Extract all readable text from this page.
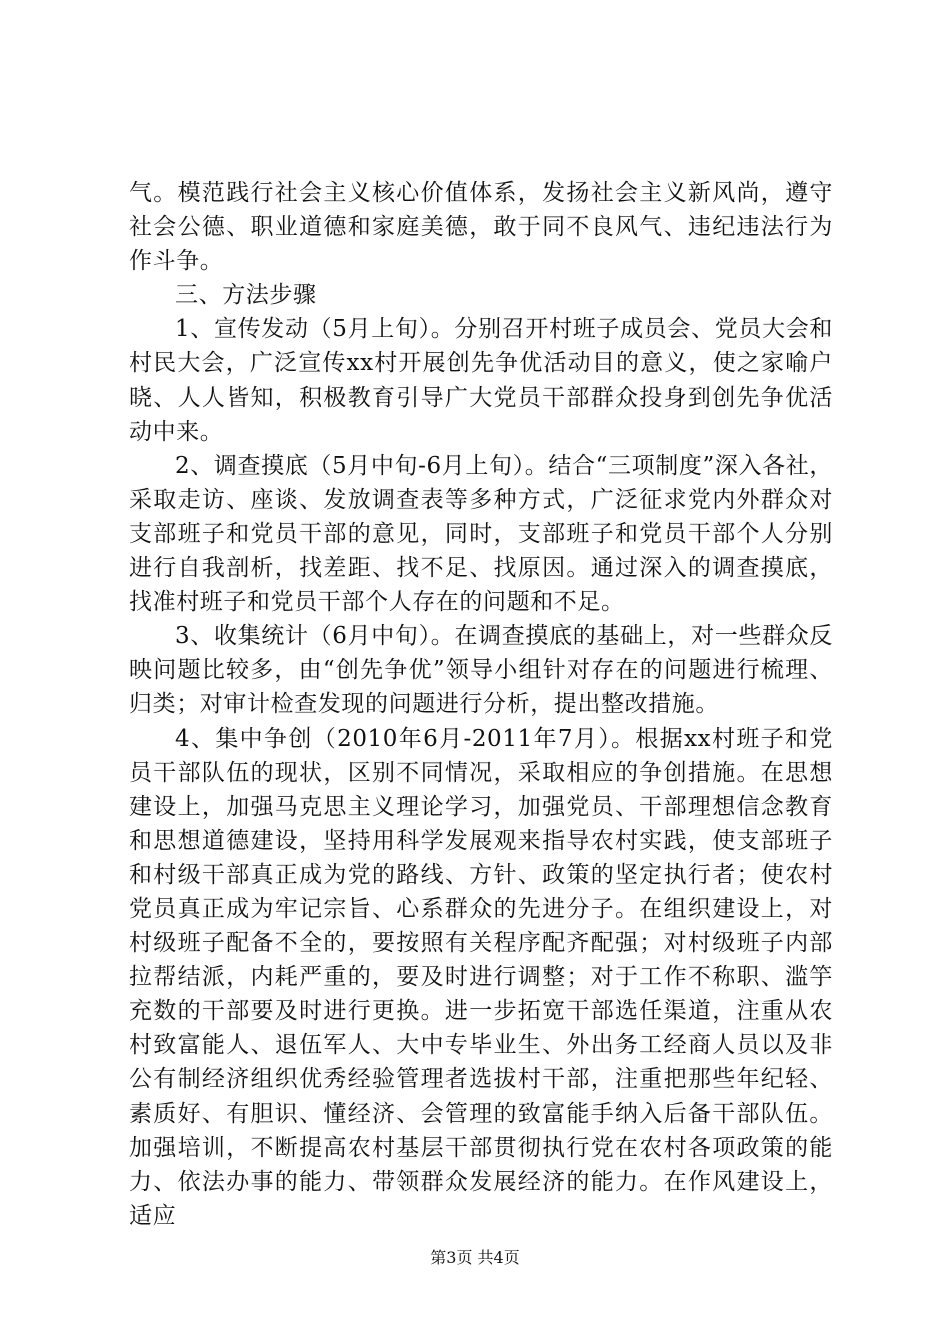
气。模范践行社会主义核心价值体系，发扬社会主义新风尚，遵守社会公德、职业道德和家庭美德，敢于同不良风气、违纪违法行为作斗争。

三、方法步骤

1、宣传发动（5月上旬）。分别召开村班子成员会、党员大会和村民大会，广泛宣传xx村开展创先争优活动目的意义，使之家喻户晓、人人皆知，积极教育引导广大党员干部群众投身到创先争优活动中来。

2、调查摸底（5月中旬-6月上旬）。结合“三项制度”深入各社，采取走访、座谈、发放调查表等多种方式，广泛征求党内外群众对支部班子和党员干部的意见，同时，支部班子和党员干部个人分别进行自我剖析，找差距、找不足、找原因。通过深入的调查摸底，找准村班子和党员干部个人存在的问题和不足。

3、收集统计（6月中旬）。在调查摸底的基础上，对一些群众反映问题比较多，由“创先争优”领导小组针对存在的问题进行梳理、归类；对审计检查发现的问题进行分析，提出整改措施。

4、集中争创（2010年6月-2011年7月）。根据xx村班子和党员干部队伍的现状，区别不同情况，采取相应的争创措施。在思想建设上，加强马克思主义理论学习，加强党员、干部理想信念教育和思想道德建设，坚持用科学发展观来指导农村实践，使支部班子和村级干部真正成为党的路线、方针、政策的坚定执行者；使农村党员真正成为牢记宗旨、心系群众的先进分子。在组织建设上，对村级班子配备不全的，要按照有关程序配齐配强；对村级班子内部拉帮结派，内耗严重的，要及时进行调整；对于工作不称职、滥竽充数的干部要及时进行更换。进一步拓宽干部选任渠道，注重从农村致富能人、退伍军人、大中专毕业生、外出务工经商人员以及非公有制经济组织优秀经验管理者选拔村干部，注重把那些年纪轻、素质好、有胆识、懂经济、会管理的致富能手纳入后备干部队伍。加强培训，不断提高农村基层干部贯彻执行党在农村各项政策的能力、依法办事的能力、带领群众发展经济的能力。在作风建设上，适应

第3页 共4页
